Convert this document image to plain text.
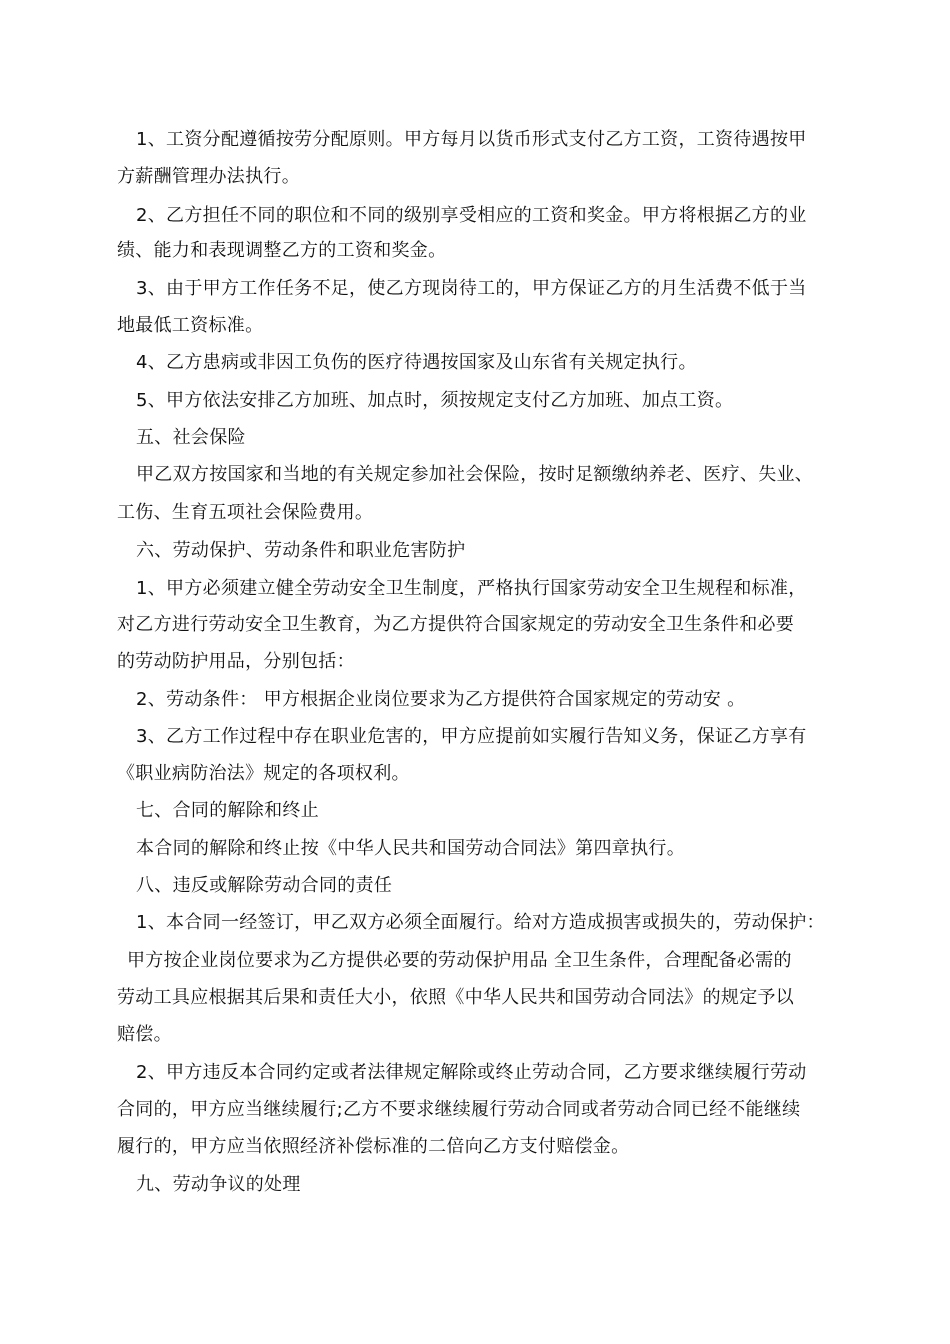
1、工资分配遵循按劳分配原则。甲方每月以货币形式支付乙方工资，工资待遇按甲
方薪酬管理办法执行。
2、乙方担任不同的职位和不同的级别享受相应的工资和奖金。甲方将根据乙方的业
绩、能力和表现调整乙方的工资和奖金。
3、由于甲方工作任务不足，使乙方现岗待工的，甲方保证乙方的月生活费不低于当
地最低工资标准。
4、乙方患病或非因工负伤的医疗待遇按国家及山东省有关规定执行。
5、甲方依法安排乙方加班、加点时，须按规定支付乙方加班、加点工资。
五、社会保险
甲乙双方按国家和当地的有关规定参加社会保险，按时足额缴纳养老、医疗、失业、
工伤、生育五项社会保险费用。
六、劳动保护、劳动条件和职业危害防护
1、甲方必须建立健全劳动安全卫生制度，严格执行国家劳动安全卫生规程和标准，
对乙方进行劳动安全卫生教育，为乙方提供符合国家规定的劳动安全卫生条件和必要
的劳动防护用品，分别包括：
2、劳动条件： 甲方根据企业岗位要求为乙方提供符合国家规定的劳动安 。
3、乙方工作过程中存在职业危害的，甲方应提前如实履行告知义务，保证乙方享有
《职业病防治法》规定的各项权利。
七、合同的解除和终止
本合同的解除和终止按《中华人民共和国劳动合同法》第四章执行。
八、违反或解除劳动合同的责任
1、本合同一经签订，甲乙双方必须全面履行。给对方造成损害或损失的，劳动保护：
甲方按企业岗位要求为乙方提供必要的劳动保护用品 全卫生条件，合理配备必需的
劳动工具应根据其后果和责任大小，依照《中华人民共和国劳动合同法》的规定予以
赔偿。
2、甲方违反本合同约定或者法律规定解除或终止劳动合同，乙方要求继续履行劳动
合同的，甲方应当继续履行;乙方不要求继续履行劳动合同或者劳动合同已经不能继续
履行的，甲方应当依照经济补偿标准的二倍向乙方支付赔偿金。
九、劳动争议的处理
